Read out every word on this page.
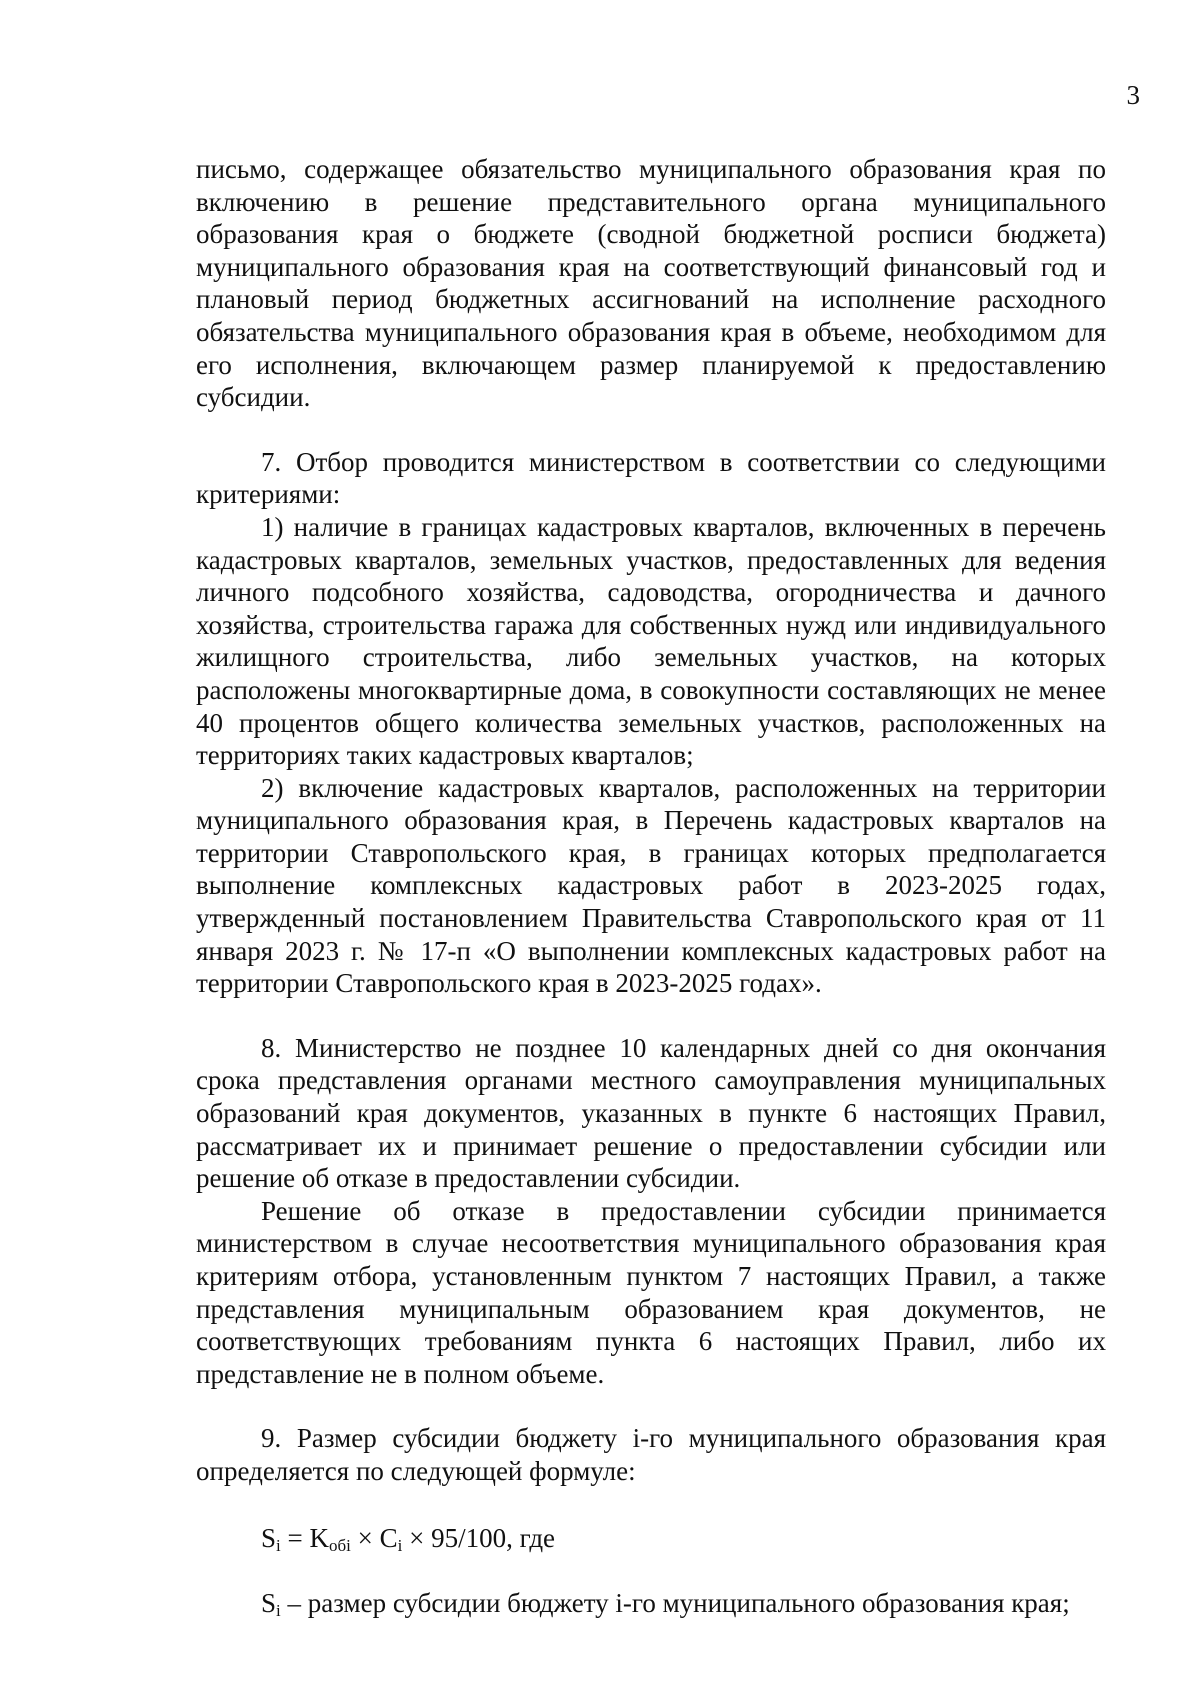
3

письмо, содержащее обязательство муниципального образования края по включению в решение представительного органа муниципального образования края о бюджете (сводной бюджетной росписи бюджета) муниципального образования края на соответствующий финансовый год и плановый период бюджетных ассигнований на исполнение расходного обязательства муниципального образования края в объеме, необходимом для его исполнения, включающем размер планируемой к предоставлению субсидии.

7. Отбор проводится министерством в соответствии со следующими критериями:

1) наличие в границах кадастровых кварталов, включенных в перечень кадастровых кварталов, земельных участков, предоставленных для ведения личного подсобного хозяйства, садоводства, огородничества и дачного хозяйства, строительства гаража для собственных нужд или индивидуального жилищного строительства, либо земельных участков, на которых расположены многоквартирные дома, в совокупности составляющих не менее 40 процентов общего количества земельных участков, расположенных на территориях таких кадастровых кварталов;

2) включение кадастровых кварталов, расположенных на территории муниципального образования края, в Перечень кадастровых кварталов на территории Ставропольского края, в границах которых предполагается выполнение комплексных кадастровых работ в 2023-2025 годах, утвержденный постановлением Правительства Ставропольского края от 11 января 2023 г. № 17-п «О выполнении комплексных кадастровых работ на территории Ставропольского края в 2023-2025 годах».

8. Министерство не позднее 10 календарных дней со дня окончания срока представления органами местного самоуправления муниципальных образований края документов, указанных в пункте 6 настоящих Правил, рассматривает их и принимает решение о предоставлении субсидии или решение об отказе в предоставлении субсидии.

Решение об отказе в предоставлении субсидии принимается министерством в случае несоответствия муниципального образования края критериям отбора, установленным пунктом 7 настоящих Правил, а также представления муниципальным образованием края документов, не соответствующих требованиям пункта 6 настоящих Правил, либо их представление не в полном объеме.

9. Размер субсидии бюджету i-го муниципального образования края определяется по следующей формуле:

$S_i = K_{обi} \times C_i \times 95/100$, где

$S_i$ – размер субсидии бюджету i-го муниципального образования края;
